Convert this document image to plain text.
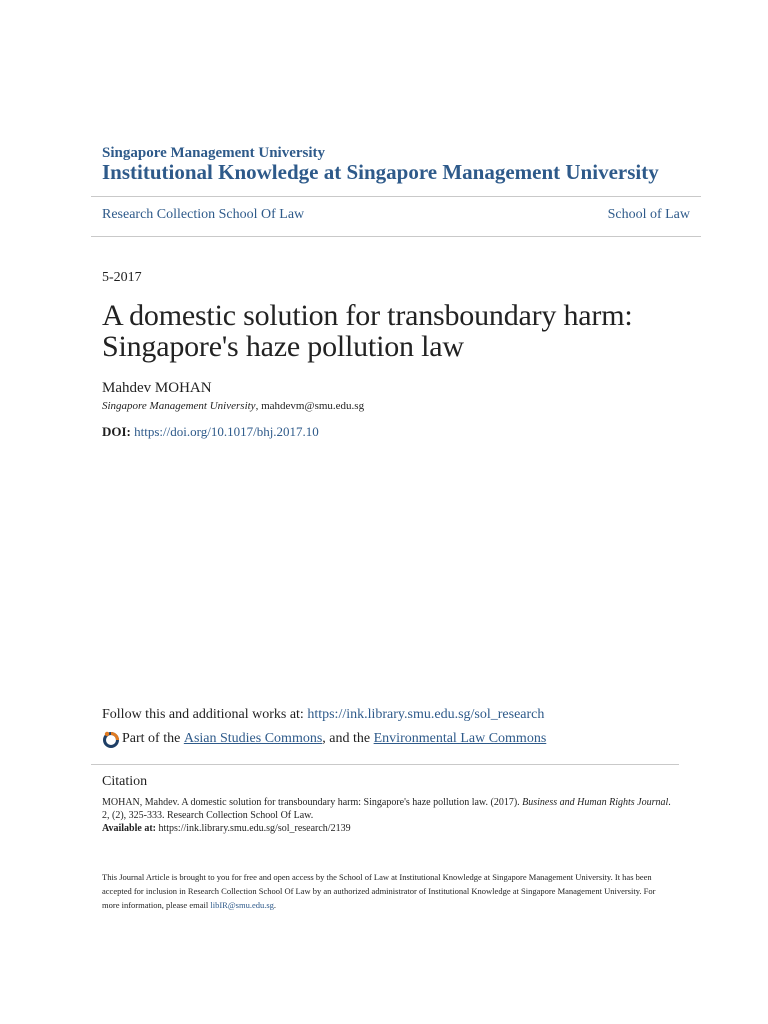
Singapore Management University
Institutional Knowledge at Singapore Management University
Research Collection School Of Law	School of Law
5-2017
A domestic solution for transboundary harm: Singapore's haze pollution law
Mahdev MOHAN
Singapore Management University, mahdevm@smu.edu.sg
DOI: https://doi.org/10.1017/bhj.2017.10
Follow this and additional works at: https://ink.library.smu.edu.sg/sol_research
Part of the
Asian Studies Commons , and the
Environmental Law Commons
Citation
MOHAN, Mahdev. A domestic solution for transboundary harm: Singapore's haze pollution law. (2017). Business and Human Rights Journal. 2, (2), 325-333. Research Collection School Of Law.
Available at: https://ink.library.smu.edu.sg/sol_research/2139
This Journal Article is brought to you for free and open access by the School of Law at Institutional Knowledge at Singapore Management University. It has been accepted for inclusion in Research Collection School Of Law by an authorized administrator of Institutional Knowledge at Singapore Management University. For more information, please email libIR@smu.edu.sg.
